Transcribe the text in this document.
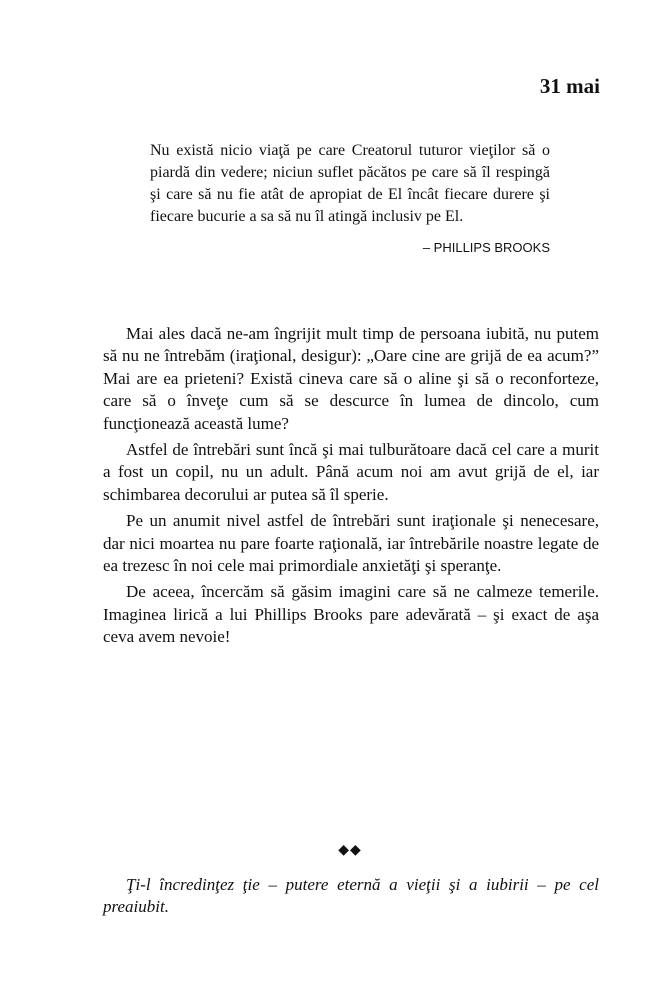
31 mai

Nu există nicio viaţă pe care Creatorul tuturor vieţilor să o piardă din vedere; niciun suflet păcătos pe care să îl respingă şi care să nu fie atât de apropiat de El încât fiecare durere şi fiecare bucurie a sa să nu îl atingă inclusiv pe El.

– PHILLIPS BROOKS

Mai ales dacă ne-am îngrijit mult timp de persoana iubită, nu putem să nu ne întrebăm (iraţional, desigur): „Oare cine are grijă de ea acum?” Mai are ea prieteni? Există cineva care să o aline şi să o reconforteze, care să o înveţe cum să se descurce în lumea de dincolo, cum funcţionează această lume?

Astfel de întrebări sunt încă şi mai tulburătoare dacă cel care a murit a fost un copil, nu un adult. Până acum noi am avut grijă de el, iar schimbarea decorului ar putea să îl sperie.

Pe un anumit nivel astfel de întrebări sunt iraţionale şi nenecesare, dar nici moartea nu pare foarte raţională, iar întrebările noastre legate de ea trezesc în noi cele mai primordiale anxietăţi şi speranţe.

De aceea, încercăm să găsim imagini care să ne calmeze temerile. Imaginea lirică a lui Phillips Brooks pare adevărată – şi exact de aşa ceva avem nevoie!

◆◆

Ţi-l încredinţez ţie – putere eternă a vieţii şi a iubirii – pe cel preaiubit.
